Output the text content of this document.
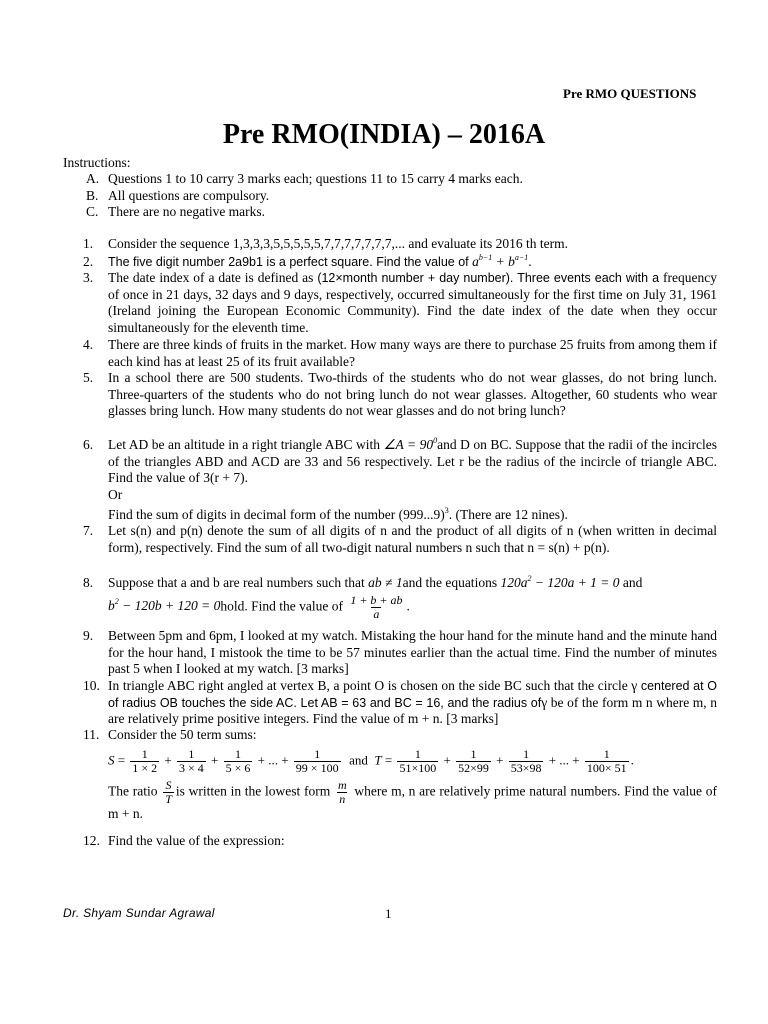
Pre RMO QUESTIONS
Pre RMO(INDIA) – 2016A
Instructions:
A. Questions 1 to 10 carry 3 marks each; questions 11 to 15 carry 4 marks each.
B. All questions are compulsory.
C. There are no negative marks.
1. Consider the sequence 1,3,3,3,5,5,5,5,5,7,7,7,7,7,7,7,... and evaluate its 2016 th term.
2. The five digit number 2a9b1 is a perfect square. Find the value of $a^{b-1} + b^{a-1}$.
3. The date index of a date is defined as (12×month number + day number). Three events each with a frequency of once in 21 days, 32 days and 9 days, respectively, occurred simultaneously for the first time on July 31, 1961 (Ireland joining the European Economic Community). Find the date index of the date when they occur simultaneously for the eleventh time.
4. There are three kinds of fruits in the market. How many ways are there to purchase 25 fruits from among them if each kind has at least 25 of its fruit available?
5. In a school there are 500 students. Two-thirds of the students who do not wear glasses, do not bring lunch. Three-quarters of the students who do not bring lunch do not wear glasses. Altogether, 60 students who wear glasses bring lunch. How many students do not wear glasses and do not bring lunch?
6. Let AD be an altitude in a right triangle ABC with ∠A = $90^0and$ D on BC. Suppose that the radii of the incircles of the triangles ABD and ACD are 33 and 56 respectively. Let r be the radius of the incircle of triangle ABC. Find the value of 3(r + 7).

Or

Find the sum of digits in decimal form of the number $(999...9)^3$. (There are 12 nines).

7. Let s(n) and p(n) denote the sum of all digits of n and the product of all digits of n (when written in decimal form), respectively. Find the sum of all two-digit natural numbers n such that n = s(n) + p(n).
8. Suppose that a and b are real numbers such that ab ≠ 1and the equations $120a^2 - 120a + 1 = 0$ and

$b^2 - 120b + 120$ = 0hold. Find the value of $\frac{1 + b + ab}{a}$ .

9. Between 5pm and 6pm, I looked at my watch. Mistaking the hour hand for the minute hand and the minute hand for the hour hand, I mistook the time to be 57 minutes earlier than the actual time. Find the number of minutes past 5 when I looked at my watch. [3 marks]
10. In triangle ABC right angled at vertex B, a point O is chosen on the side BC such that the circle γ centered at O of radius OB touches the side AC. Let AB = 63 and BC = 16, and the radius ofγ be of the form m n where m, n are relatively prime positive integers. Find the value of m + n. [3 marks]
11. Consider the 50 term sums:

$S = \frac{1}{1 \times 2} + \frac{1}{3 \times 4} + \frac{1}{5 \times 6}$ + ... + $\frac{1}{99 \times 100}$ and $T = \frac{1}{51\times 100} + \frac{1}{52\times 99} + \frac{1}{53\times 98}$ + ... + $\frac{1}{100\times 51}$ .

The ratio $\frac{S}{T}$ is written in the lowest form $\frac{m}{n}$ where m, n are relatively prime natural numbers. Find the value of m + n.

12. Find the value of the expression:
Dr. Shyam Sundar Agrawal	1
